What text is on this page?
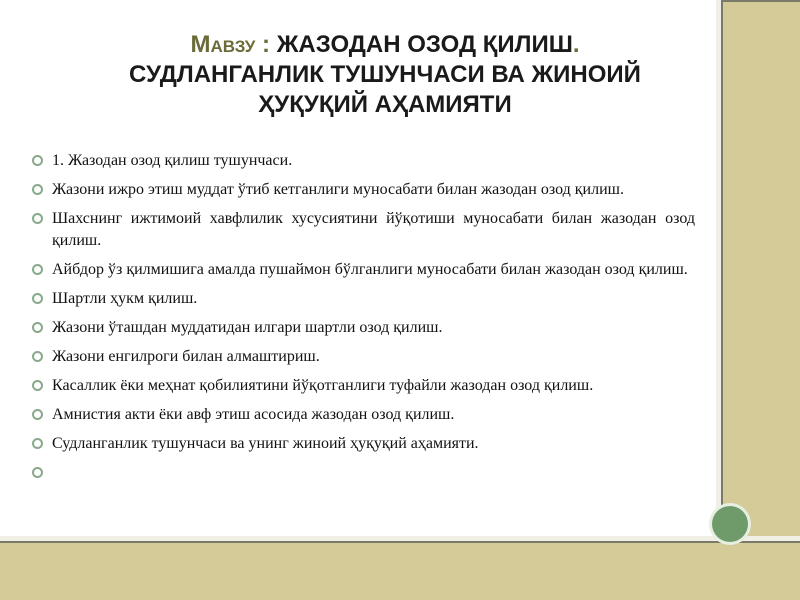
Мавзу : ЖАЗОДАН ОЗОД ҚИЛИШ.
СУДЛАНГАНЛИК ТУШУНЧАСИ ВА ЖИНОИЙ
ҲУҚУҚИЙ АҲАМИЯТИ
1. Жазодан озод қилиш тушунчаси.
Жазони ижро этиш муддат ўтиб кетганлиги муносабати билан жазодан озод қилиш.
Шахснинг ижтимоий хавфлилик хусусиятини йўқотиши муносабати билан жазодан озод қилиш.
Айбдор ўз қилмишига амалда пушаймон бўлганлиги муносабати билан жазодан озод қилиш.
Шартли ҳукм қилиш.
Жазони ўташдан муддатидан илгари шартли озод қилиш.
Жазони енгилроги билан алмаштириш.
Касаллик ёки меҳнат қобилиятини йўқотганлиги туфайли жазодан озод қилиш.
Амнистия акти ёки авф этиш асосида жазодан озод қилиш.
Судланганлик тушунчаси ва унинг жиноий ҳуқуқий аҳамияти.
